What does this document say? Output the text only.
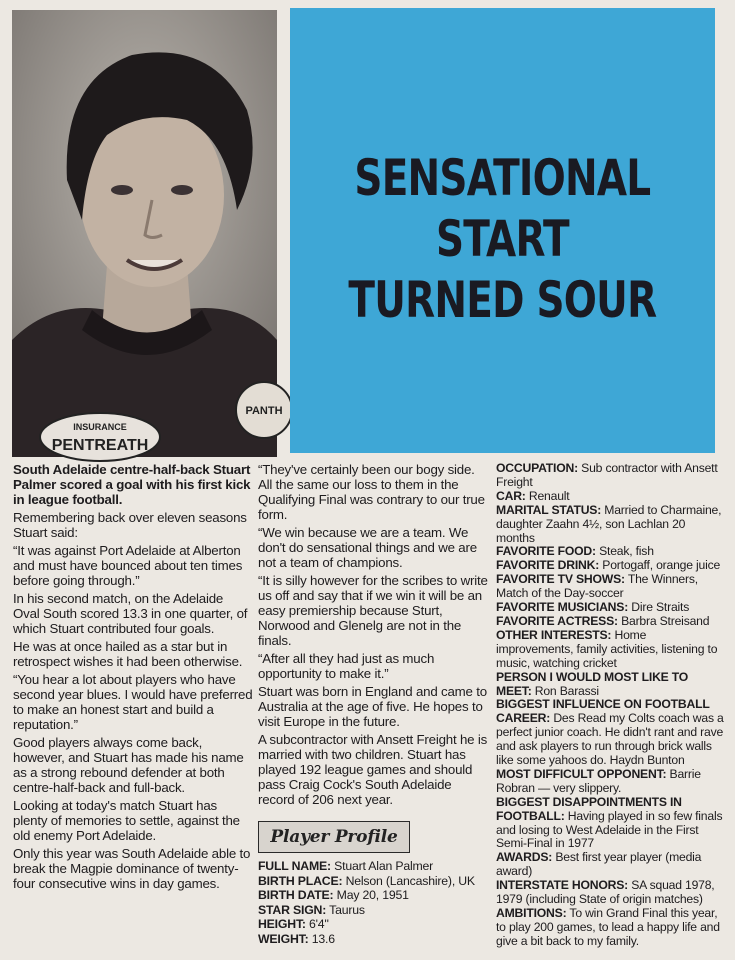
INSURANCE
PENTREATH
PANTH
SENSATIONAL
START
TURNED SOUR

South Adelaide centre-half-back Stuart Palmer scored a goal with his first kick in league football.

Remembering back over eleven seasons Stuart said:

“It was against Port Adelaide at Alberton and must have bounced about ten times before going through.”

In his second match, on the Adelaide Oval South scored 13.3 in one quarter, of which Stuart contributed four goals.

He was at once hailed as a star but in retrospect wishes it had been otherwise.

“You hear a lot about players who have second year blues. I would have preferred to make an honest start and build a reputation.”

Good players always come back, however, and Stuart has made his name as a strong rebound defender at both centre-half-back and full-back.

Looking at today's match Stuart has plenty of memories to settle, against the old enemy Port Adelaide.

Only this year was South Adelaide able to break the Magpie dominance of twenty-four consecutive wins in day games.

“They've certainly been our bogy side. All the same our loss to them in the Qualifying Final was contrary to our true form.

“We win because we are a team. We don't do sensational things and we are not a team of champions.

“It is silly however for the scribes to write us off and say that if we win it will be an easy premiership because Sturt, Norwood and Glenelg are not in the finals.

“After all they had just as much opportunity to make it.”

Stuart was born in England and came to Australia at the age of five. He hopes to visit Europe in the future.

A subcontractor with Ansett Freight he is married with two children. Stuart has played 192 league games and should pass Craig Cock's South Adelaide record of 206 next year.

Player Profile
FULL NAME: Stuart Alan Palmer
BIRTH PLACE: Nelson (Lancashire), UK
BIRTH DATE: May 20, 1951
STAR SIGN: Taurus
HEIGHT: 6'4"
WEIGHT: 13.6
OCCUPATION: Sub contractor with Ansett Freight
CAR: Renault
MARITAL STATUS: Married to Charmaine, daughter Zaahn 4½, son Lachlan 20 months
FAVORITE FOOD: Steak, fish
FAVORITE DRINK: Portogaff, orange juice
FAVORITE TV SHOWS: The Winners, Match of the Day-soccer
FAVORITE MUSICIANS: Dire Straits
FAVORITE ACTRESS: Barbra Streisand
OTHER INTERESTS: Home improvements, family activities, listening to music, watching cricket
PERSON I WOULD MOST LIKE TO MEET: Ron Barassi
BIGGEST INFLUENCE ON FOOTBALL CAREER: Des Read my Colts coach was a perfect junior coach. He didn't rant and rave and ask players to run through brick walls like some yahoos do. Haydn Bunton
MOST DIFFICULT OPPONENT: Barrie Robran — very slippery.
BIGGEST DISAPPOINTMENTS IN FOOTBALL: Having played in so few finals and losing to West Adelaide in the First Semi-Final in 1977
AWARDS: Best first year player (media award)
INTERSTATE HONORS: SA squad 1978, 1979 (including State of origin matches)
AMBITIONS: To win Grand Final this year, to play 200 games, to lead a happy life and give a bit back to my family.
